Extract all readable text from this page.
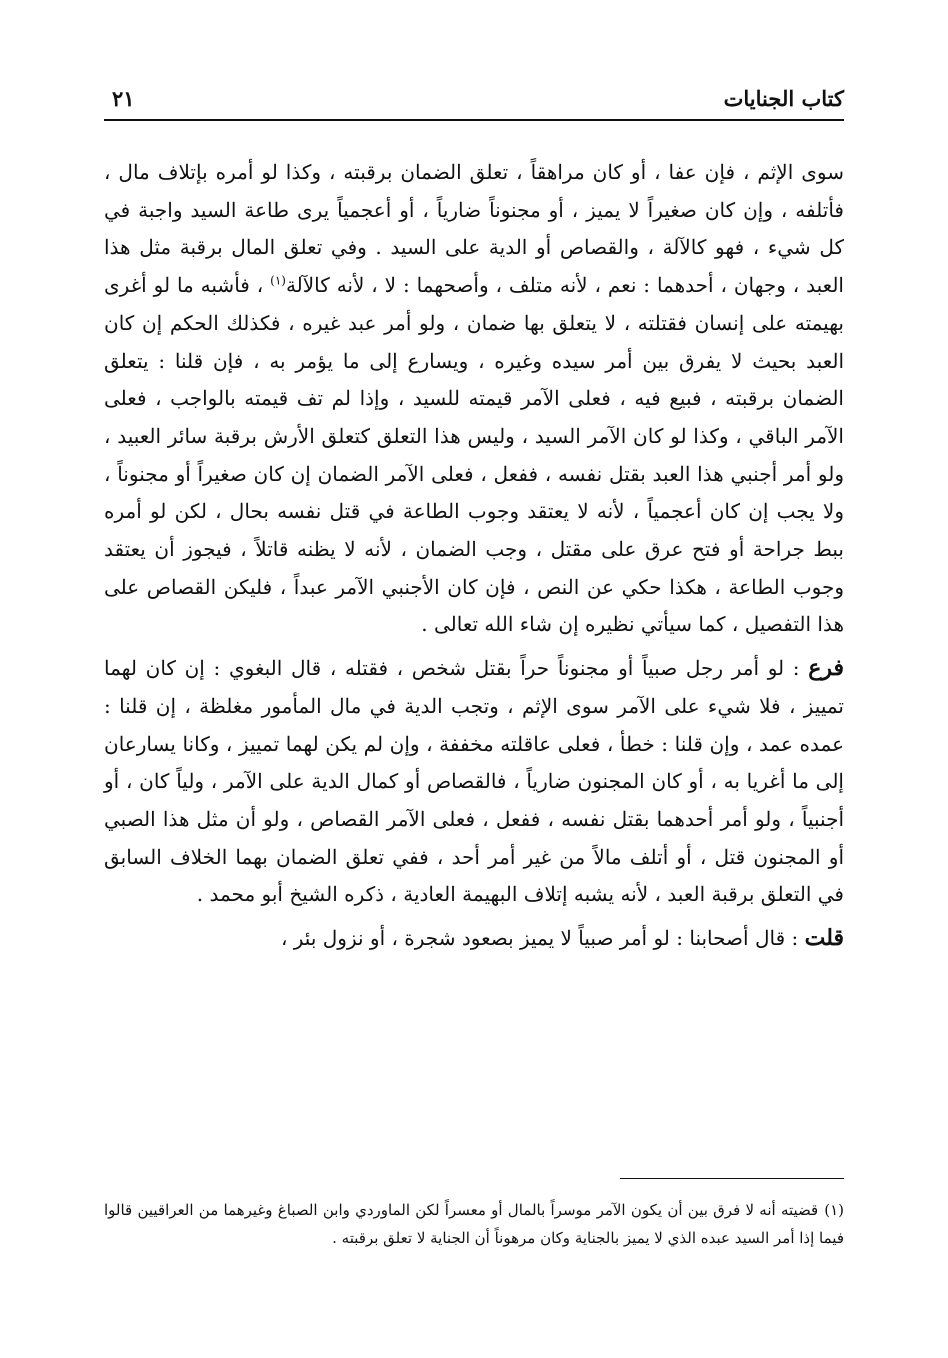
كتاب الجنايات
٢١

سوى الإثم ، فإن عفا ، أو كان مراهقاً ، تعلق الضمان برقبته ، وكذا لو أمره بإتلاف مال ، فأتلفه ، وإن كان صغيراً لا يميز ، أو مجنوناً ضارياً ، أو أعجمياً يرى طاعة السيد واجبة في كل شيء ، فهو كالآلة ، والقصاص أو الدية على السيد . وفي تعلق المال برقبة مثل هذا العبد ، وجهان ، أحدهما : نعم ، لأنه متلف ، وأصحهما : لا ، لأنه كالآلة$^{(١)}$ ، فأشبه ما لو أغرى بهيمته على إنسان فقتلته ، لا يتعلق بها ضمان ، ولو أمر عبد غيره ، فكذلك الحكم إن كان العبد بحيث لا يفرق بين أمر سيده وغيره ، ويسارع إلى ما يؤمر به ، فإن قلنا : يتعلق الضمان برقبته ، فبيع فيه ، فعلى الآمر قيمته للسيد ، وإذا لم تف قيمته بالواجب ، فعلى الآمر الباقي ، وكذا لو كان الآمر السيد ، وليس هذا التعلق كتعلق الأرش برقبة سائر العبيد ، ولو أمر أجنبي هذا العبد بقتل نفسه ، ففعل ، فعلى الآمر الضمان إن كان صغيراً أو مجنوناً ، ولا يجب إن كان أعجمياً ، لأنه لا يعتقد وجوب الطاعة في قتل نفسه بحال ، لكن لو أمره ببط جراحة أو فتح عرق على مقتل ، وجب الضمان ، لأنه لا يظنه قاتلاً ، فيجوز أن يعتقد وجوب الطاعة ، هكذا حكي عن النص ، فإن كان الأجنبي الآمر عبداً ، فليكن القصاص على هذا التفصيل ، كما سيأتي نظيره إن شاء الله تعالى .

فرع : لو أمر رجل صبياً أو مجنوناً حراً بقتل شخص ، فقتله ، قال البغوي : إن كان لهما تمييز ، فلا شيء على الآمر سوى الإثم ، وتجب الدية في مال المأمور مغلظة ، إن قلنا : عمده عمد ، وإن قلنا : خطأ ، فعلى عاقلته مخففة ، وإن لم يكن لهما تمييز ، وكانا يسارعان إلى ما أغريا به ، أو كان المجنون ضارياً ، فالقصاص أو كمال الدية على الآمر ، ولياً كان ، أو أجنبياً ، ولو أمر أحدهما بقتل نفسه ، ففعل ، فعلى الآمر القصاص ، ولو أن مثل هذا الصبي أو المجنون قتل ، أو أتلف مالاً من غير أمر أحد ، ففي تعلق الضمان بهما الخلاف السابق في التعلق برقبة العبد ، لأنه يشبه إتلاف البهيمة العادية ، ذكره الشيخ أبو محمد .

قلت : قال أصحابنا : لو أمر صبياً لا يميز بصعود شجرة ، أو نزول بئر ،

(١)قضيته أنه لا فرق بين أن يكون الآمر موسراً بالمال أو معسراً لكن الماوردي وابن الصباغ وغيرهما من العراقيين قالوا فيما إذا أمر السيد عبده الذي لا يميز بالجناية وكان مرهوناً أن الجناية لا تعلق برقبته .
